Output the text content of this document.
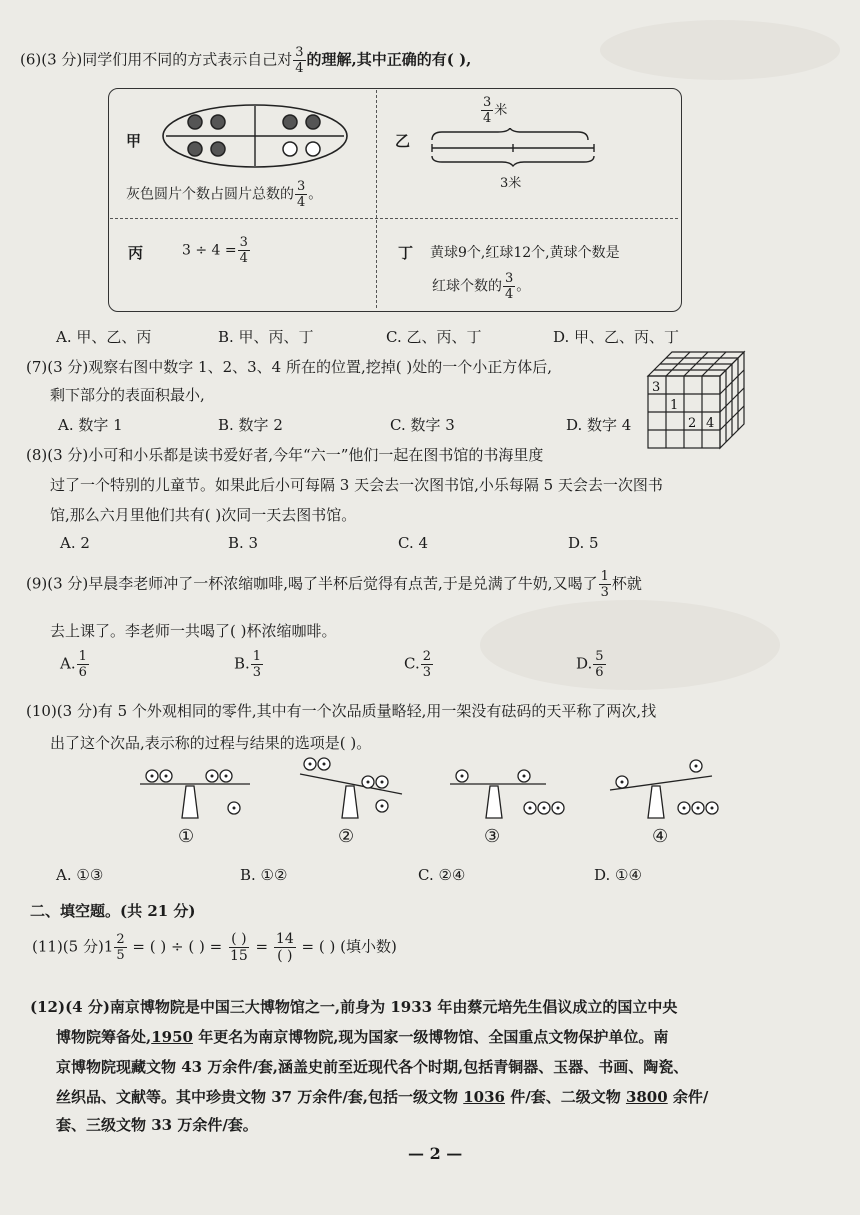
(6)(3 分)同学们用不同的方式表示自己对 $\frac{3}{4}$ 的理解,其中正确的有( ),
甲
灰色圆片个数占圆片总数的 $\frac{3}{4}$ 。
乙
$\frac{3}{4}$ 米
3米
丙	$3 \div 4 = \frac{3}{4}$	丁 黄球9个,红球12个,黄球个数是
红球个数的 $\frac{3}{4}$ 。
A. 甲、乙、丙	B. 甲、丙、丁	C. 乙、丙、丁	D. 甲、乙、丙、丁
(7)(3 分)观察右图中数字 1、2、3、4 所在的位置,挖掉( )处的一个小正方体后,
剩下部分的表面积最小,
A. 数字 1	B. 数字 2	C. 数字 3	D. 数字 4
3
1
2 4
(8)(3 分)小可和小乐都是读书爱好者,今年“六一”他们一起在图书馆的书海里度
过了一个特别的儿童节。如果此后小可每隔 3 天会去一次图书馆,小乐每隔 5 天会去一次图书
馆,那么六月里他们共有( )次同一天去图书馆。
A. 2	B. 3	C. 4	D. 5
(9)(3 分)早晨李老师冲了一杯浓缩咖啡,喝了半杯后觉得有点苦,于是兑满了牛奶,又喝了 $\frac{1}{3}$ 杯就
去上课了。李老师一共喝了( )杯浓缩咖啡。
A. $\frac{1}{6}$	B. $\frac{1}{3}$	C. $\frac{2}{3}$	D. $\frac{5}{6}$
(10)(3 分)有 5 个外观相同的零件,其中有一个次品质量略轻,用一架没有砝码的天平称了两次,找
出了这个次品,表示称的过程与结果的选项是( )。
①	②	③	④
A. ①③	B. ①②	C. ②④	D. ①④
二、填空题。(共 21 分)
(11)(5 分)$1 \frac{2}{5}$ = ( ) ÷ ( ) = $\frac{( )}{15} = \frac{14}{( )}$ = ( ) (填小数)
(12)(4 分)南京博物院是中国三大博物馆之一,前身为 1933 年由蔡元培先生倡议成立的国立中央
博物院筹备处,1950 年更名为南京博物院,现为国家一级博物馆、全国重点文物保护单位。南
京博物院现藏文物 43 万余件/套,涵盖史前至近现代各个时期,包括青铜器、玉器、书画、陶瓷、
丝织品、文献等。其中珍贵文物 37 万余件/套,包括一级文物 1036 件/套、二级文物 3800 余件/
套、三级文物 33 万余件/套。
— 2 —
